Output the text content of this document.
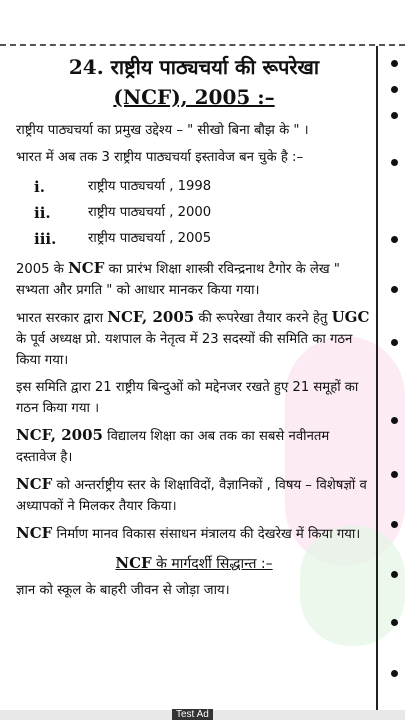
24. राष्ट्रीय पाठ्यचर्या की रूपरेखा
(NCF), 2005 :–
राष्ट्रीय पाठ्यचर्या का प्रमुख उद्देश्य – " सीखो बिना बौझ के " ।
भारत में अब तक 3 राष्ट्रीय पाठ्यचर्या इस्तावेज बन चुके है :–
i.	राष्ट्रीय पाठ्यचर्या , 1998
ii.	राष्ट्रीय पाठ्यचर्या , 2000
iii.	राष्ट्रीय पाठ्यचर्या , 2005
2005 के NCF का प्रारंभ शिक्षा शास्त्री रविन्द्रनाथ टैगोर के लेख " सभ्यता और प्रगति " को आधार मानकर किया गया।
भारत सरकार द्वारा NCF, 2005 की रूपरेखा तैयार करने हेतु UGC के पूर्व अध्यक्ष प्रो. यशपाल के नेतृत्व में 23 सदस्यों की समिति का गठन किया गया।
इस समिति द्वारा 21 राष्ट्रीय बिन्दुओं को मद्देनजर रखते हुए 21 समूहों का गठन किया गया ।
NCF, 2005 विद्यालय शिक्षा का अब तक का सबसे नवीनतम दस्तावेज है।
NCF को अन्तर्राष्ट्रीय स्तर के शिक्षाविदों, वैज्ञानिकों , विषय – विशेषज्ञों व अध्यापकों ने मिलकर तैयार किया।
NCF निर्माण मानव विकास संसाधन मंत्रालय की देखरेख में किया गया।
NCF के मार्गदर्शी सिद्धान्त :–
ज्ञान को स्कूल के बाहरी जीवन से जोड़ा जाय।
Test Ad
